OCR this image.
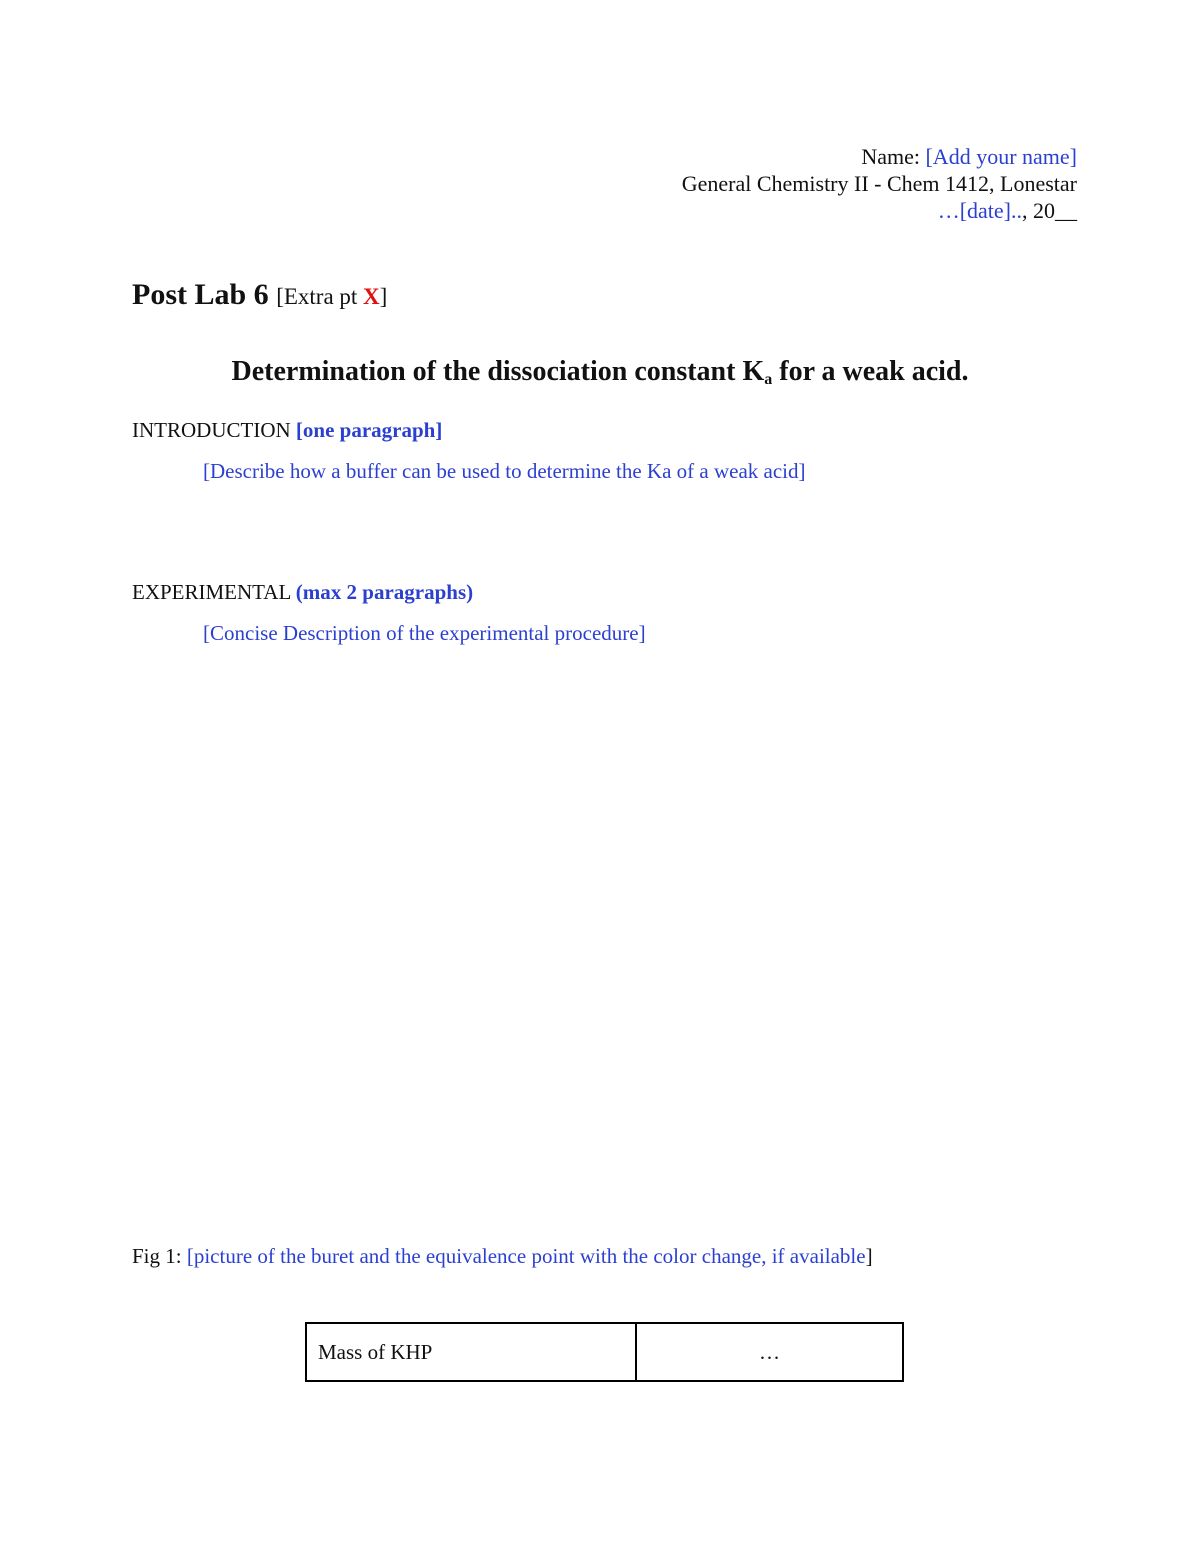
Name: [Add your name]
General Chemistry II - Chem 1412, Lonestar
…[date].., 20__
Post Lab 6 [Extra pt X]
Determination of the dissociation constant $K_a$ for a weak acid.
INTRODUCTION [one paragraph]
[Describe how a buffer can be used to determine the Ka of a weak acid]
EXPERIMENTAL (max 2 paragraphs)
[Concise Description of the experimental procedure]
Fig 1: [picture of the buret and the equivalence point with the color change, if available]
Mass of KHP	…
